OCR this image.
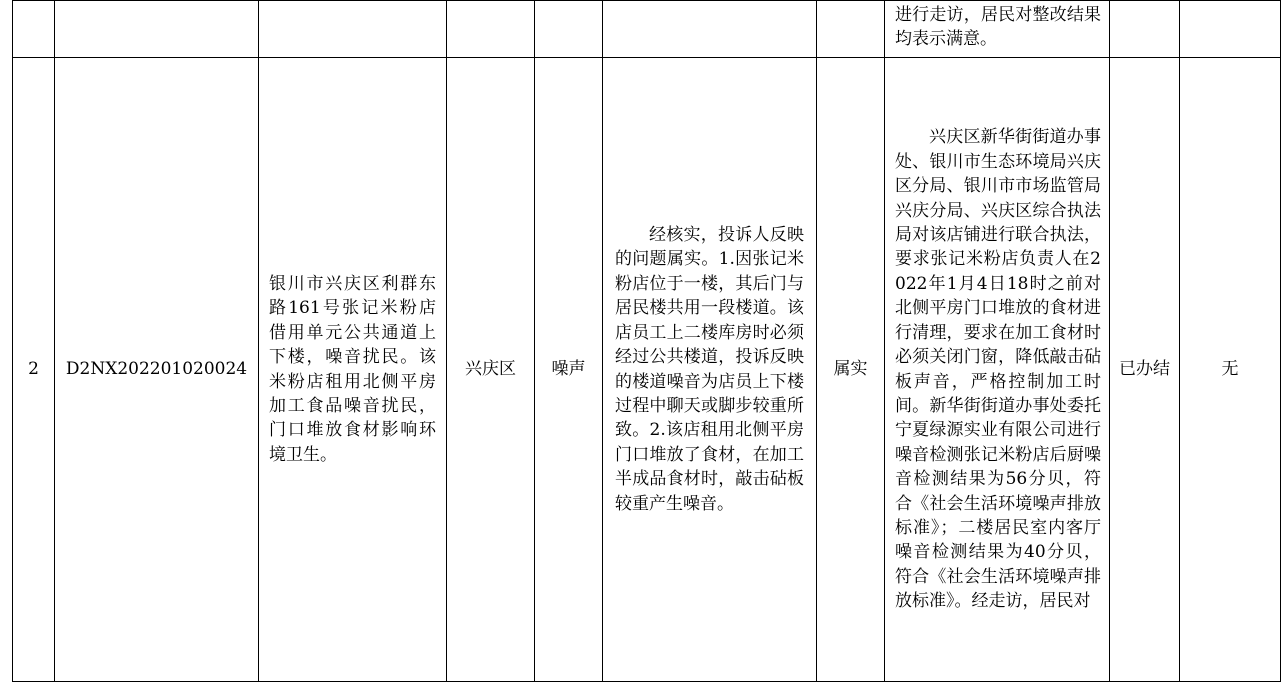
							进行走访，居民对整改结果均表示满意。		

2	D2NX202201020024	银川市兴庆区利群东路161号张记米粉店借用单元公共通道上下楼，噪音扰民。该米粉店租用北侧平房加工食品噪音扰民，门口堆放食材影响环境卫生。	兴庆区	噪声	经核实，投诉人反映的问题属实。1.因张记米粉店位于一楼，其后门与居民楼共用一段楼道。该店员工上二楼库房时必须经过公共楼道，投诉反映的楼道噪音为店员上下楼过程中聊天或脚步较重所致。2.该店租用北侧平房门口堆放了食材，在加工半成品食材时，敲击砧板较重产生噪音。	属实	兴庆区新华街街道办事处、银川市生态环境局兴庆区分局、银川市市场监管局兴庆分局、兴庆区综合执法局对该店铺进行联合执法，要求张记米粉店负责人在2022年1月4日18时之前对北侧平房门口堆放的食材进行清理，要求在加工食材时必须关闭门窗，降低敲击砧板声音，严格控制加工时间。新华街街道办事处委托宁夏绿源实业有限公司进行噪音检测张记米粉店后厨噪音检测结果为56分贝，符合《社会生活环境噪声排放标准》；二楼居民室内客厅噪音检测结果为40分贝，符合《社会生活环境噪声排放标准》。经走访，居民对	已办结	无
